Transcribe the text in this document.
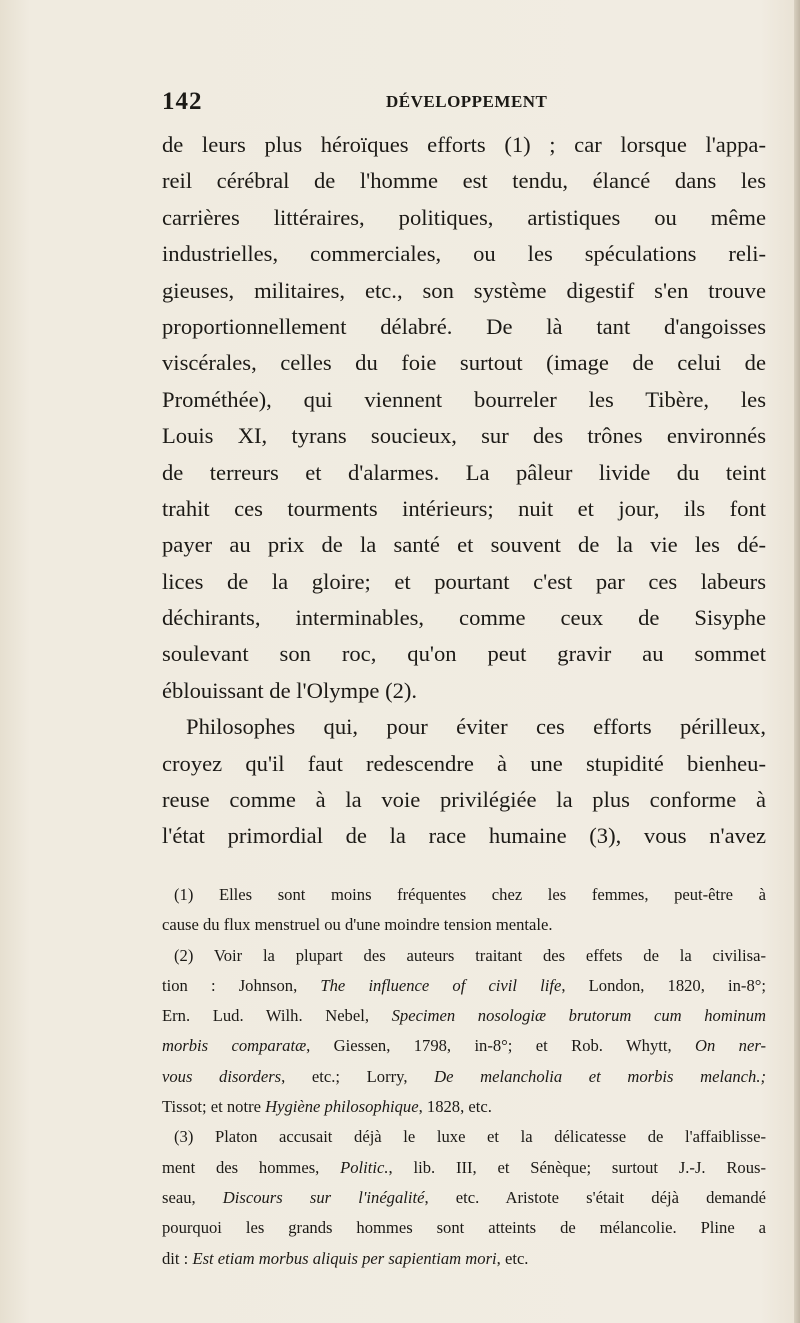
142	DÉVELOPPEMENT
de leurs plus héroïques efforts (1) ; car lorsque l'appa-
reil cérébral de l'homme est tendu, élancé dans les
carrières littéraires, politiques, artistiques ou même
industrielles, commerciales, ou les spéculations reli-
gieuses, militaires, etc., son système digestif s'en trouve
proportionnellement délabré. De là tant d'angoisses
viscérales, celles du foie surtout (image de celui de
Prométhée), qui viennent bourreler les Tibère, les
Louis XI, tyrans soucieux, sur des trônes environnés
de terreurs et d'alarmes. La pâleur livide du teint
trahit ces tourments intérieurs; nuit et jour, ils font
payer au prix de la santé et souvent de la vie les dé-
lices de la gloire; et pourtant c'est par ces labeurs
déchirants, interminables, comme ceux de Sisyphe
soulevant son roc, qu'on peut gravir au sommet
éblouissant de l'Olympe (2).
Philosophes qui, pour éviter ces efforts périlleux,
croyez qu'il faut redescendre à une stupidité bienheu-
reuse comme à la voie privilégiée la plus conforme à
l'état primordial de la race humaine (3), vous n'avez
(1) Elles sont moins fréquentes chez les femmes, peut-être à
cause du flux menstruel ou d'une moindre tension mentale.
(2) Voir la plupart des auteurs traitant des effets de la civilisa-
tion : Johnson, The influence of civil life, London, 1820, in-8°;
Ern. Lud. Wilh. Nebel, Specimen nosologiæ brutorum cum hominum
morbis comparatæ, Giessen, 1798, in-8°; et Rob. Whytt, On ner-
vous disorders, etc.; Lorry, De melancholia et morbis melanch.;
Tissot; et notre Hygiène philosophique, 1828, etc.
(3) Platon accusait déjà le luxe et la délicatesse de l'affaiblisse-
ment des hommes, Politic., lib. III, et Sénèque; surtout J.-J. Rous-
seau, Discours sur l'inégalité, etc. Aristote s'était déjà demandé
pourquoi les grands hommes sont atteints de mélancolie. Pline a
dit : Est etiam morbus aliquis per sapientiam mori, etc.
